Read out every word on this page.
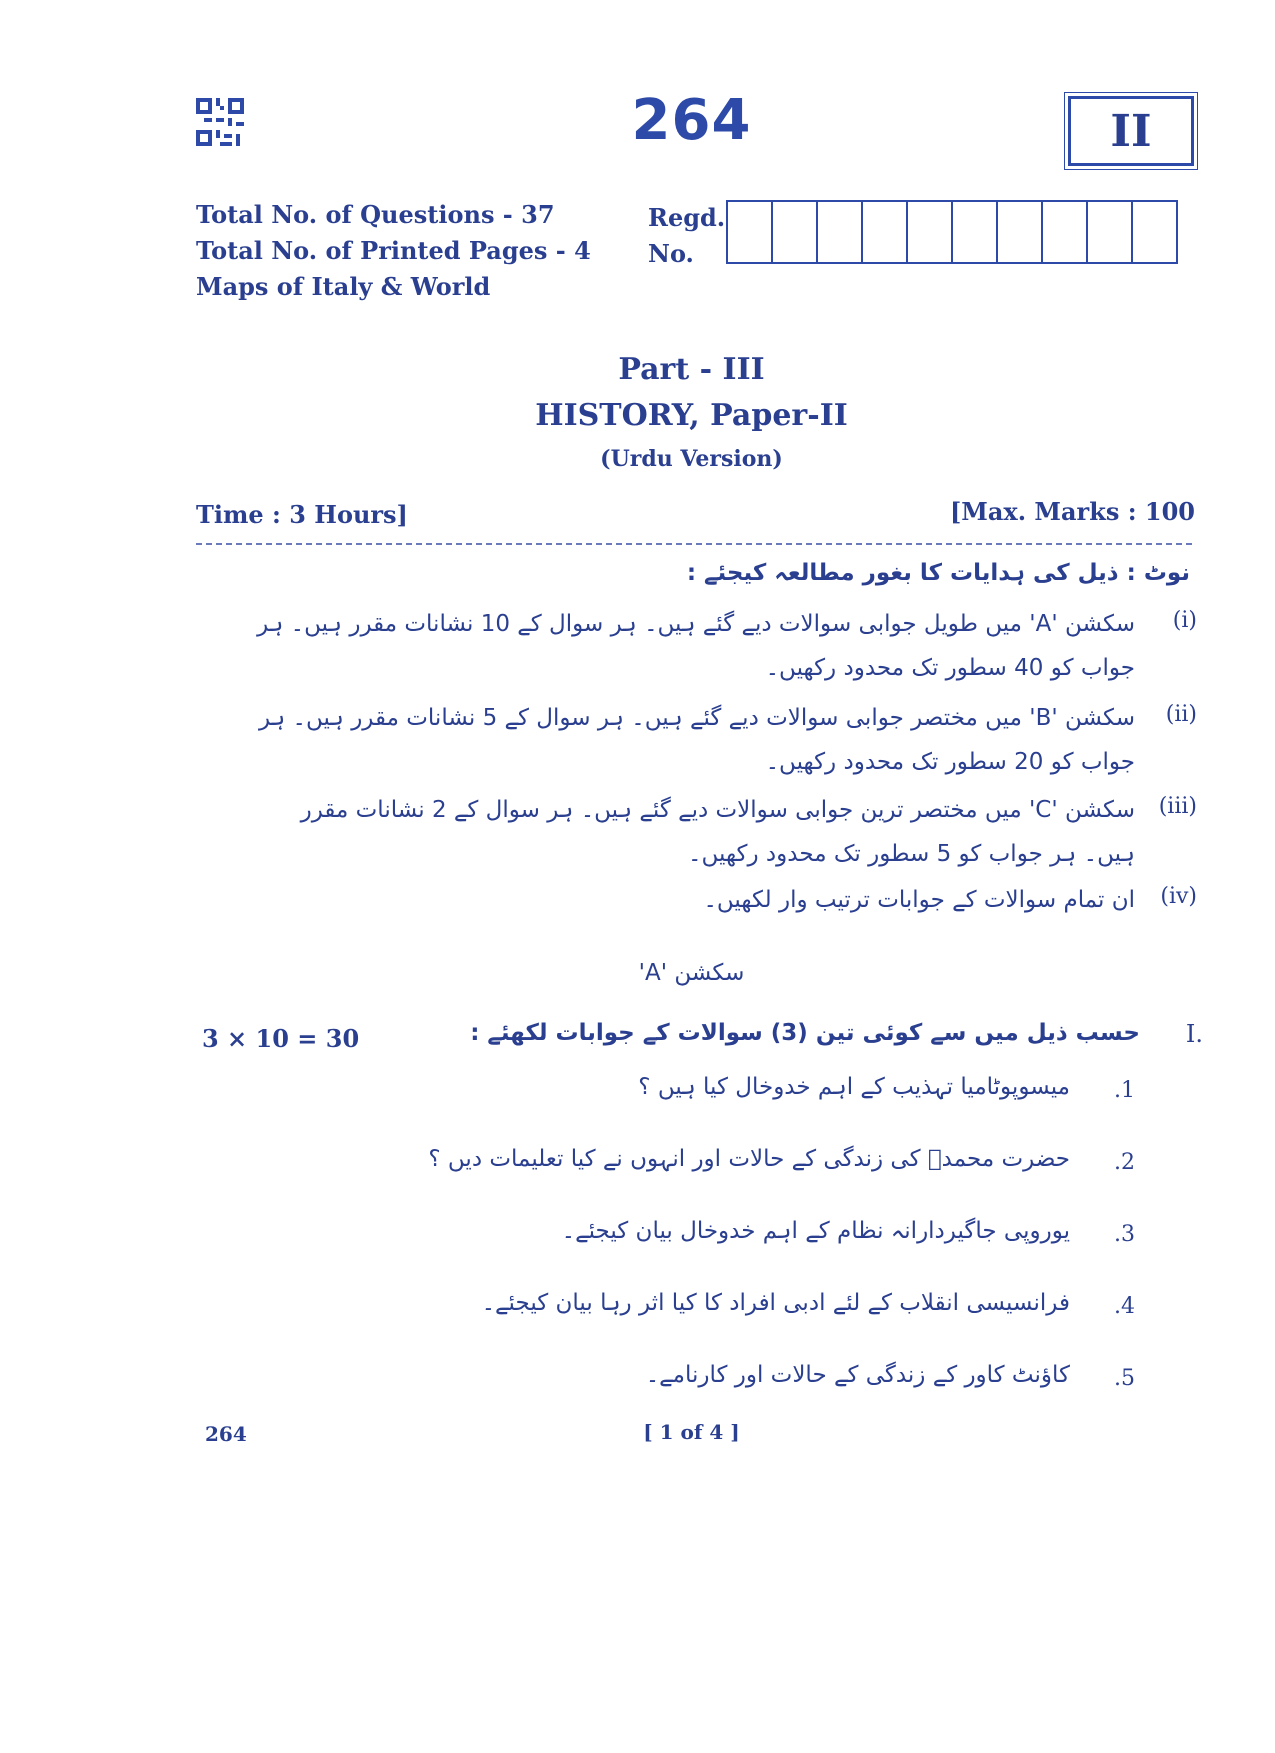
264	II
Total No. of Questions - 37
Total No. of Printed Pages - 4
Maps of Italy & World
Regd.
No.
Part - III
HISTORY, Paper-II
(Urdu Version)
Time : 3 Hours]	[Max. Marks : 100
نوٹ : ذیل کی ہدایات کا بغور مطالعہ کیجئے :
(i)
سکشن 'A' میں طویل جوابی سوالات دیے گئے ہیں۔ ہر سوال کے 10 نشانات مقرر ہیں۔ ہر جواب کو 40 سطور تک محدود رکھیں۔
(ii)
سکشن 'B' میں مختصر جوابی سوالات دیے گئے ہیں۔ ہر سوال کے 5 نشانات مقرر ہیں۔ ہر جواب کو 20 سطور تک محدود رکھیں۔
(iii)
سکشن 'C' میں مختصر ترین جوابی سوالات دیے گئے ہیں۔ ہر سوال کے 2 نشانات مقرر ہیں۔ ہر جواب کو 5 سطور تک محدود رکھیں۔
(iv)
ان تمام سوالات کے جوابات ترتیب وار لکھیں۔
سکشن 'A'
3 × 10 = 30	I.
حسب ذیل میں سے کوئی تین (3) سوالات کے جوابات لکھئے :
.1
میسوپوٹامیا تہذیب کے اہم خدوخال کیا ہیں ؟
.2
حضرت محمدؐ کی زندگی کے حالات اور انہوں نے کیا تعلیمات دیں ؟
.3
یوروپی جاگیردارانہ نظام کے اہم خدوخال بیان کیجئے۔
.4
فرانسیسی انقلاب کے لئے ادبی افراد کا کیا اثر رہا بیان کیجئے۔
.5
کاؤنٹ کاور کے زندگی کے حالات اور کارنامے۔
264	[ 1 of 4 ]
